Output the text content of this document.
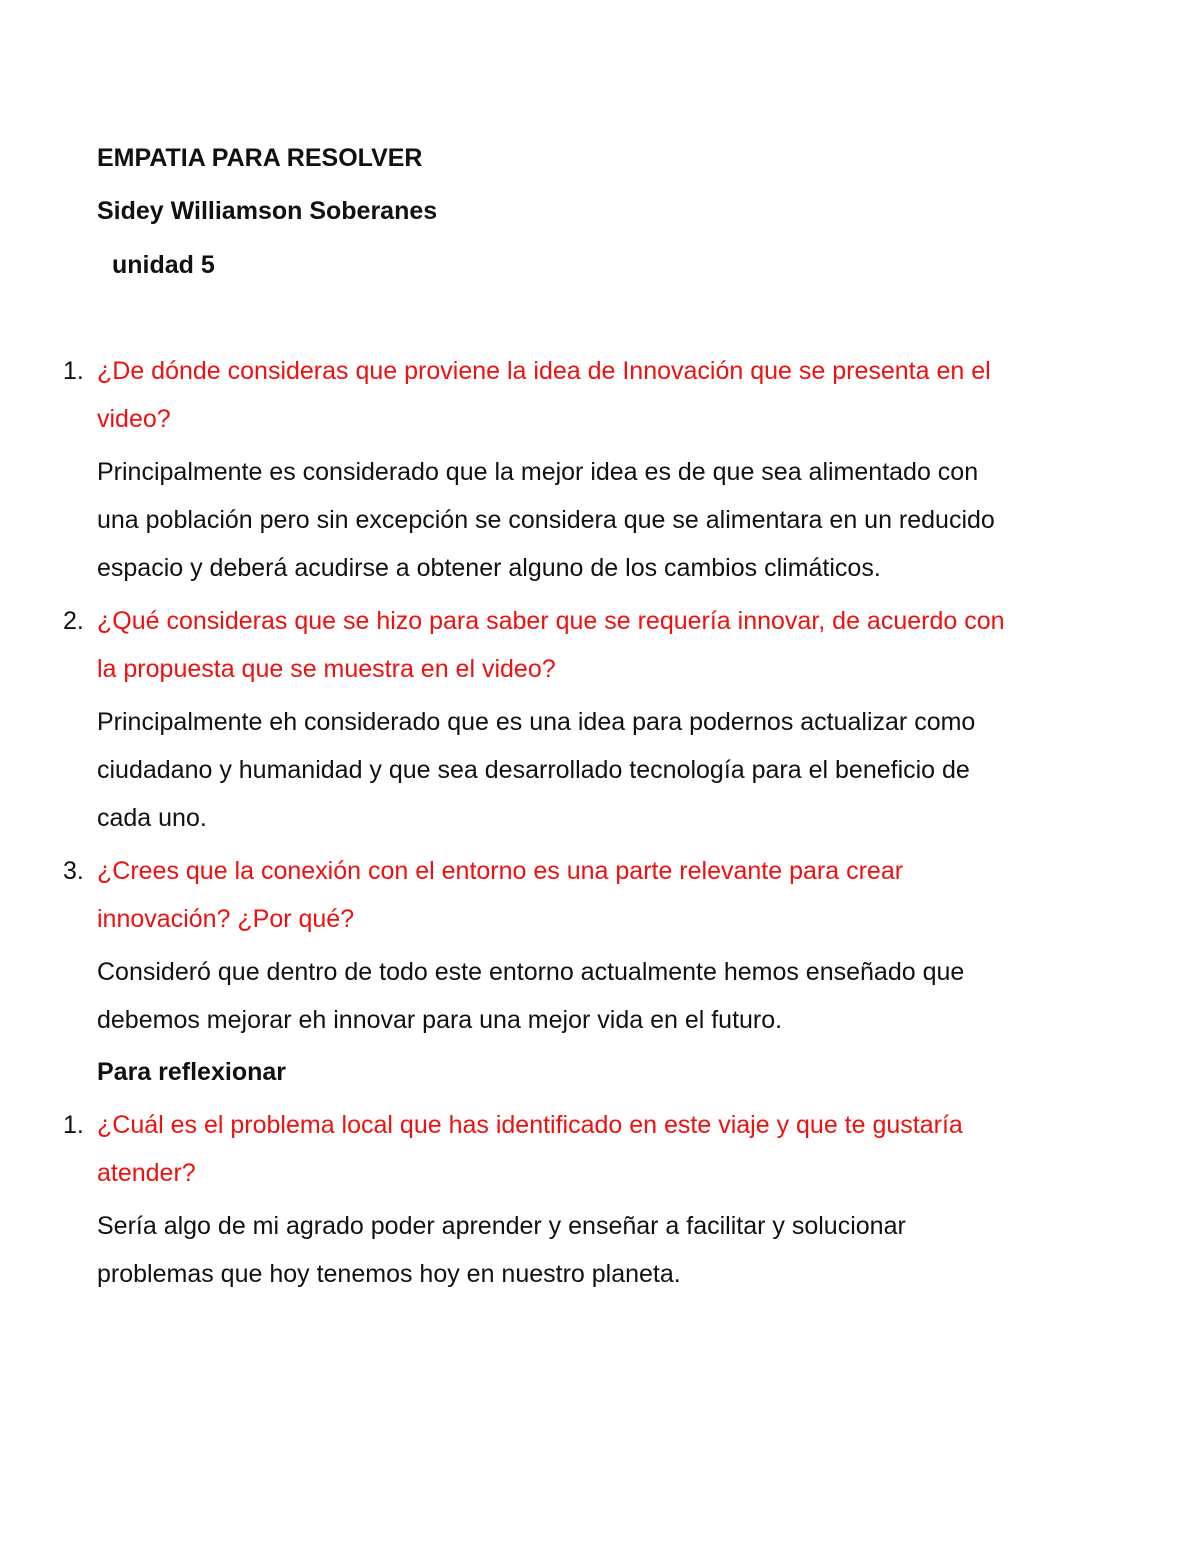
EMPATIA PARA RESOLVER
Sidey Williamson Soberanes
unidad 5
1. ¿De dónde consideras que proviene la idea de Innovación que se presenta en el
video?
Principalmente es considerado que la mejor idea es de que sea alimentado con
una población pero sin excepción se considera que se alimentara en un reducido
espacio y deberá acudirse a obtener alguno de los cambios climáticos.
2. ¿Qué consideras que se hizo para saber que se requería innovar, de acuerdo con
la propuesta que se muestra en el video?
Principalmente eh considerado que es una idea para podernos actualizar como
ciudadano y humanidad y que sea desarrollado tecnología para el beneficio de
cada uno.
3. ¿Crees que la conexión con el entorno es una parte relevante para crear
innovación? ¿Por qué?
Consideró que dentro de todo este entorno actualmente hemos enseñado que
debemos mejorar eh innovar para una mejor vida en el futuro.
Para reflexionar
1. ¿Cuál es el problema local que has identificado en este viaje y que te gustaría
atender?
Sería algo de mi agrado poder aprender y enseñar a facilitar y solucionar
problemas que hoy tenemos hoy en nuestro planeta.
